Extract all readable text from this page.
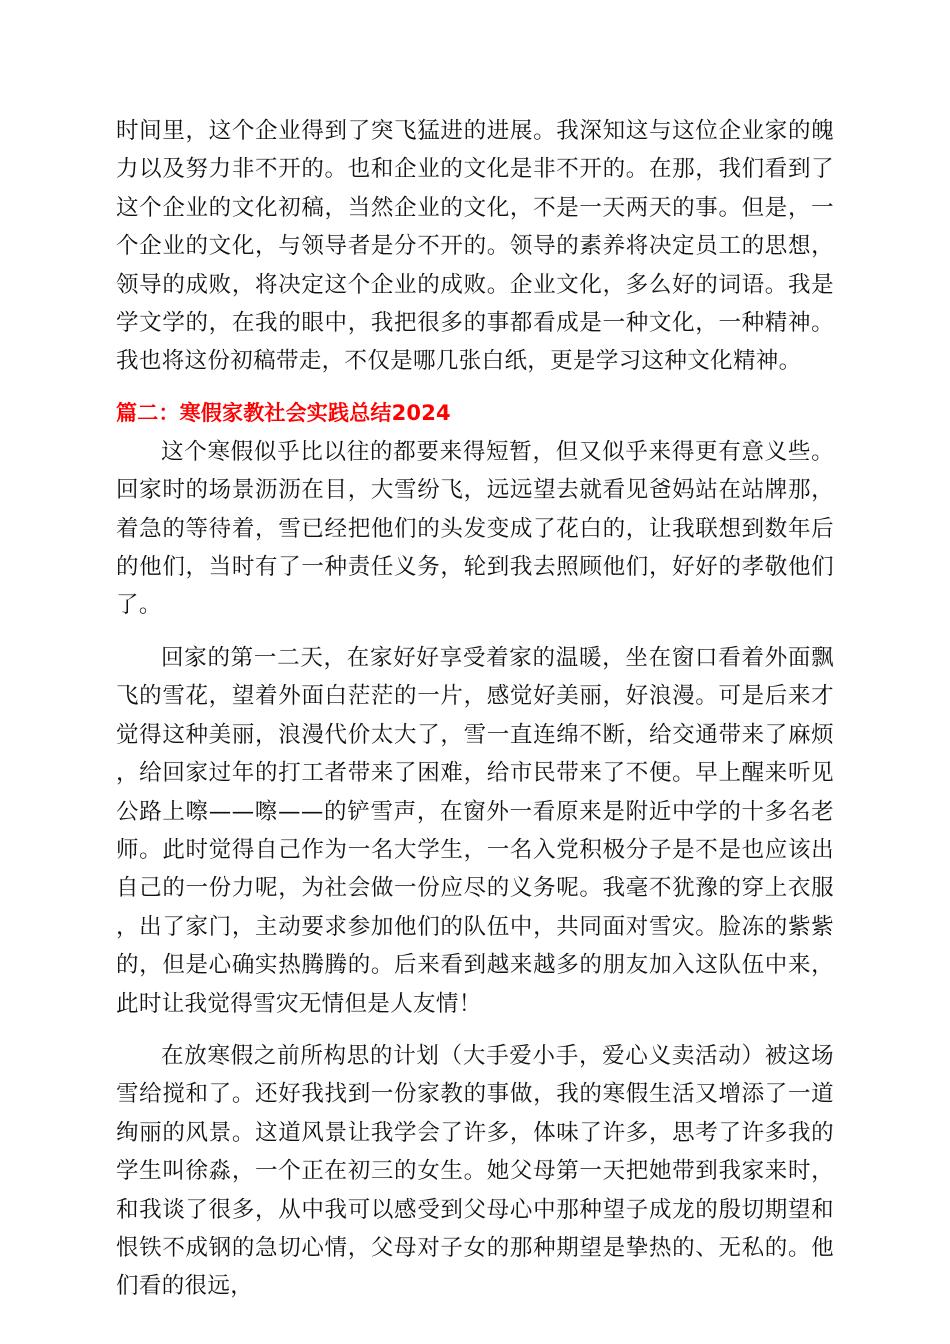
时间里，这个企业得到了突飞猛进的进展。我深知这与这位企业家的魄力以及努力非不开的。也和企业的文化是非不开的。在那，我们看到了这个企业的文化初稿，当然企业的文化，不是一天两天的事。但是，一个企业的文化，与领导者是分不开的。领导的素养将决定员工的思想，领导的成败，将决定这个企业的成败。企业文化，多么好的词语。我是学文学的，在我的眼中，我把很多的事都看成是一种文化，一种精神。我也将这份初稿带走，不仅是哪几张白纸，更是学习这种文化精神。

篇二：寒假家教社会实践总结2024

这个寒假似乎比以往的都要来得短暂，但又似乎来得更有意义些。回家时的场景沥沥在目，大雪纷飞，远远望去就看见爸妈站在站牌那，着急的等待着，雪已经把他们的头发变成了花白的，让我联想到数年后的他们，当时有了一种责任义务，轮到我去照顾他们，好好的孝敬他们了。

回家的第一二天，在家好好享受着家的温暖，坐在窗口看着外面飘飞的雪花，望着外面白茫茫的一片，感觉好美丽，好浪漫。可是后来才觉得这种美丽，浪漫代价太大了，雪一直连绵不断，给交通带来了麻烦，给回家过年的打工者带来了困难，给市民带来了不便。早上醒来听见公路上嚓——嚓——的铲雪声，在窗外一看原来是附近中学的十多名老师。此时觉得自己作为一名大学生，一名入党积极分子是不是也应该出自己的一份力呢，为社会做一份应尽的义务呢。我毫不犹豫的穿上衣服，出了家门，主动要求参加他们的队伍中，共同面对雪灾。脸冻的紫紫的，但是心确实热腾腾的。后来看到越来越多的朋友加入这队伍中来，此时让我觉得雪灾无情但是人友情！

在放寒假之前所构思的计划（大手爱小手，爱心义卖活动）被这场雪给搅和了。还好我找到一份家教的事做，我的寒假生活又增添了一道绚丽的风景。这道风景让我学会了许多，体味了许多，思考了许多我的学生叫徐淼，一个正在初三的女生。她父母第一天把她带到我家来时，和我谈了很多，从中我可以感受到父母心中那种望子成龙的殷切期望和恨铁不成钢的急切心情，父母对子女的那种期望是挚热的、无私的。他们看的很远，
